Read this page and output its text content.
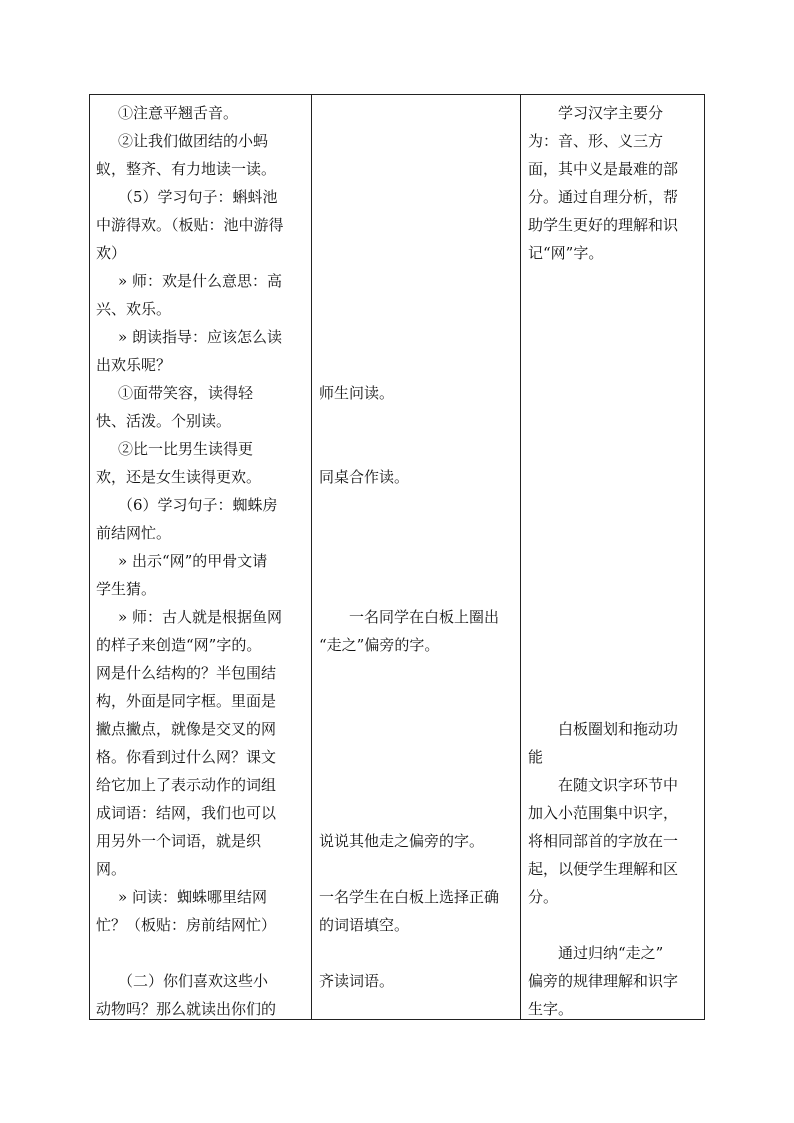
①注意平翘舌音。
②让我们做团结的小蚂
蚁，整齐、有力地读一读。
（5）学习句子：蝌蚪池
中游得欢。（板贴：池中游得
欢）
» 师：欢是什么意思：高
兴、欢乐。
» 朗读指导：应该怎么读
出欢乐呢？
①面带笑容，读得轻
快、活泼。个别读。
②比一比男生读得更
欢，还是女生读得更欢。
（6）学习句子：蜘蛛房
前结网忙。
» 出示“网”的甲骨文请
学生猜。
» 师：古人就是根据鱼网
的样子来创造“网”字的。
网是什么结构的？半包围结
构，外面是同字框。里面是
撇点撇点，就像是交叉的网
格。你看到过什么网？课文
给它加上了表示动作的词组
成词语：结网，我们也可以
用另外一个词语，就是织
网。
» 问读：蜘蛛哪里结网
忙？（板贴：房前结网忙）
（二）你们喜欢这些小
动物吗？那么就读出你们的
师生问读。
同桌合作读。
一名同学在白板上圈出
“走之”偏旁的字。
说说其他走之偏旁的字。
一名学生在白板上选择正确
的词语填空。
齐读词语。
学习汉字主要分
为：音、形、义三方
面，其中义是最难的部
分。通过自理分析，帮
助学生更好的理解和识
记“网”字。
白板圈划和拖动功
能
在随文识字环节中
加入小范围集中识字，
将相同部首的字放在一
起，以便学生理解和区
分。
通过归纳“走之”
偏旁的规律理解和识字
生字。
